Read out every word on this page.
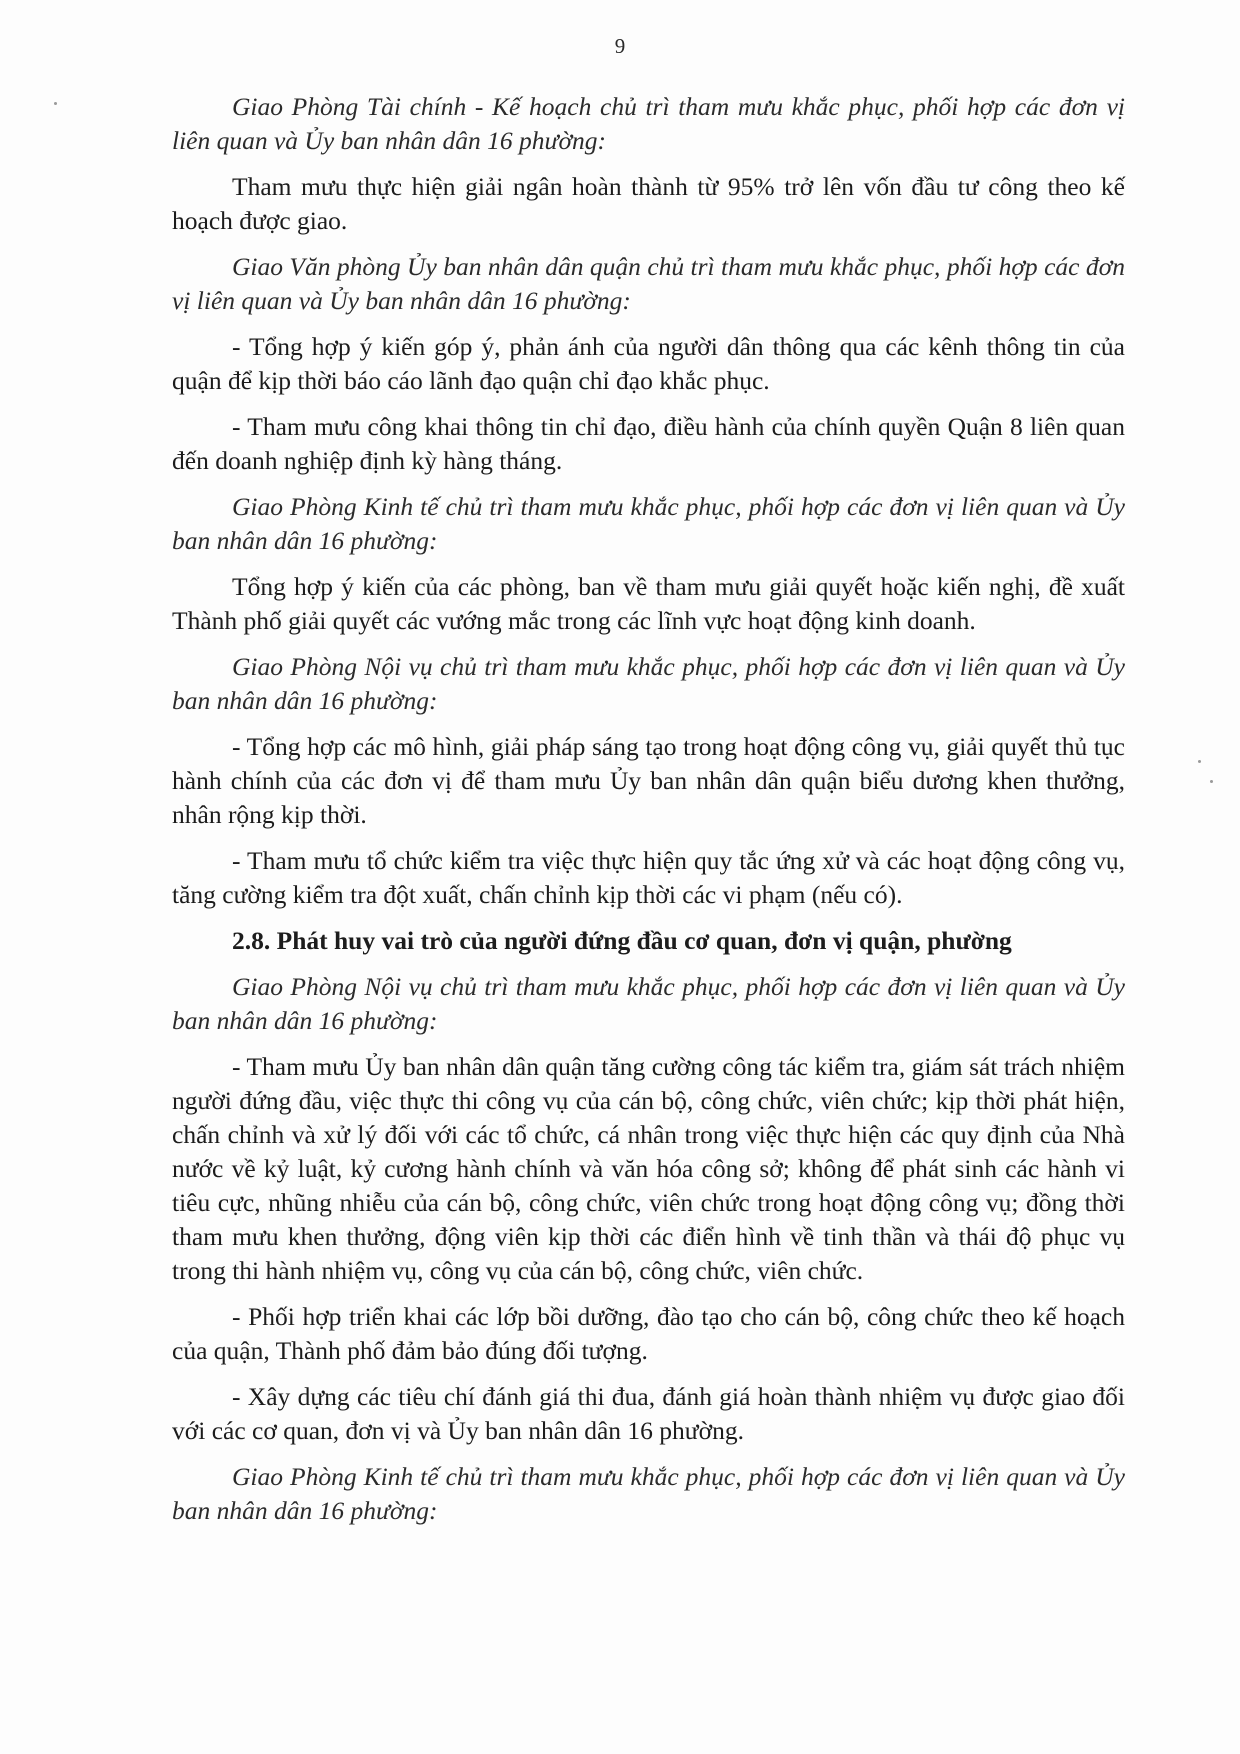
9

Giao Phòng Tài chính - Kế hoạch chủ trì tham mưu khắc phục, phối hợp các đơn vị liên quan và Ủy ban nhân dân 16 phường:

Tham mưu thực hiện giải ngân hoàn thành từ 95% trở lên vốn đầu tư công theo kế hoạch được giao.

Giao Văn phòng Ủy ban nhân dân quận chủ trì tham mưu khắc phục, phối hợp các đơn vị liên quan và Ủy ban nhân dân 16 phường:

- Tổng hợp ý kiến góp ý, phản ánh của người dân thông qua các kênh thông tin của quận để kịp thời báo cáo lãnh đạo quận chỉ đạo khắc phục.

- Tham mưu công khai thông tin chỉ đạo, điều hành của chính quyền Quận 8 liên quan đến doanh nghiệp định kỳ hàng tháng.

Giao Phòng Kinh tế chủ trì tham mưu khắc phục, phối hợp các đơn vị liên quan và Ủy ban nhân dân 16 phường:

Tổng hợp ý kiến của các phòng, ban về tham mưu giải quyết hoặc kiến nghị, đề xuất Thành phố giải quyết các vướng mắc trong các lĩnh vực hoạt động kinh doanh.

Giao Phòng Nội vụ chủ trì tham mưu khắc phục, phối hợp các đơn vị liên quan và Ủy ban nhân dân 16 phường:

- Tổng hợp các mô hình, giải pháp sáng tạo trong hoạt động công vụ, giải quyết thủ tục hành chính của các đơn vị để tham mưu Ủy ban nhân dân quận biểu dương khen thưởng, nhân rộng kịp thời.

- Tham mưu tổ chức kiểm tra việc thực hiện quy tắc ứng xử và các hoạt động công vụ, tăng cường kiểm tra đột xuất, chấn chỉnh kịp thời các vi phạm (nếu có).

2.8. Phát huy vai trò của người đứng đầu cơ quan, đơn vị quận, phường

Giao Phòng Nội vụ chủ trì tham mưu khắc phục, phối hợp các đơn vị liên quan và Ủy ban nhân dân 16 phường:

- Tham mưu Ủy ban nhân dân quận tăng cường công tác kiểm tra, giám sát trách nhiệm người đứng đầu, việc thực thi công vụ của cán bộ, công chức, viên chức; kịp thời phát hiện, chấn chỉnh và xử lý đối với các tổ chức, cá nhân trong việc thực hiện các quy định của Nhà nước về kỷ luật, kỷ cương hành chính và văn hóa công sở; không để phát sinh các hành vi tiêu cực, nhũng nhiễu của cán bộ, công chức, viên chức trong hoạt động công vụ; đồng thời tham mưu khen thưởng, động viên kịp thời các điển hình về tinh thần và thái độ phục vụ trong thi hành nhiệm vụ, công vụ của cán bộ, công chức, viên chức.

- Phối hợp triển khai các lớp bồi dưỡng, đào tạo cho cán bộ, công chức theo kế hoạch của quận, Thành phố đảm bảo đúng đối tượng.

- Xây dựng các tiêu chí đánh giá thi đua, đánh giá hoàn thành nhiệm vụ được giao đối với các cơ quan, đơn vị và Ủy ban nhân dân 16 phường.

Giao Phòng Kinh tế chủ trì tham mưu khắc phục, phối hợp các đơn vị liên quan và Ủy ban nhân dân 16 phường:
